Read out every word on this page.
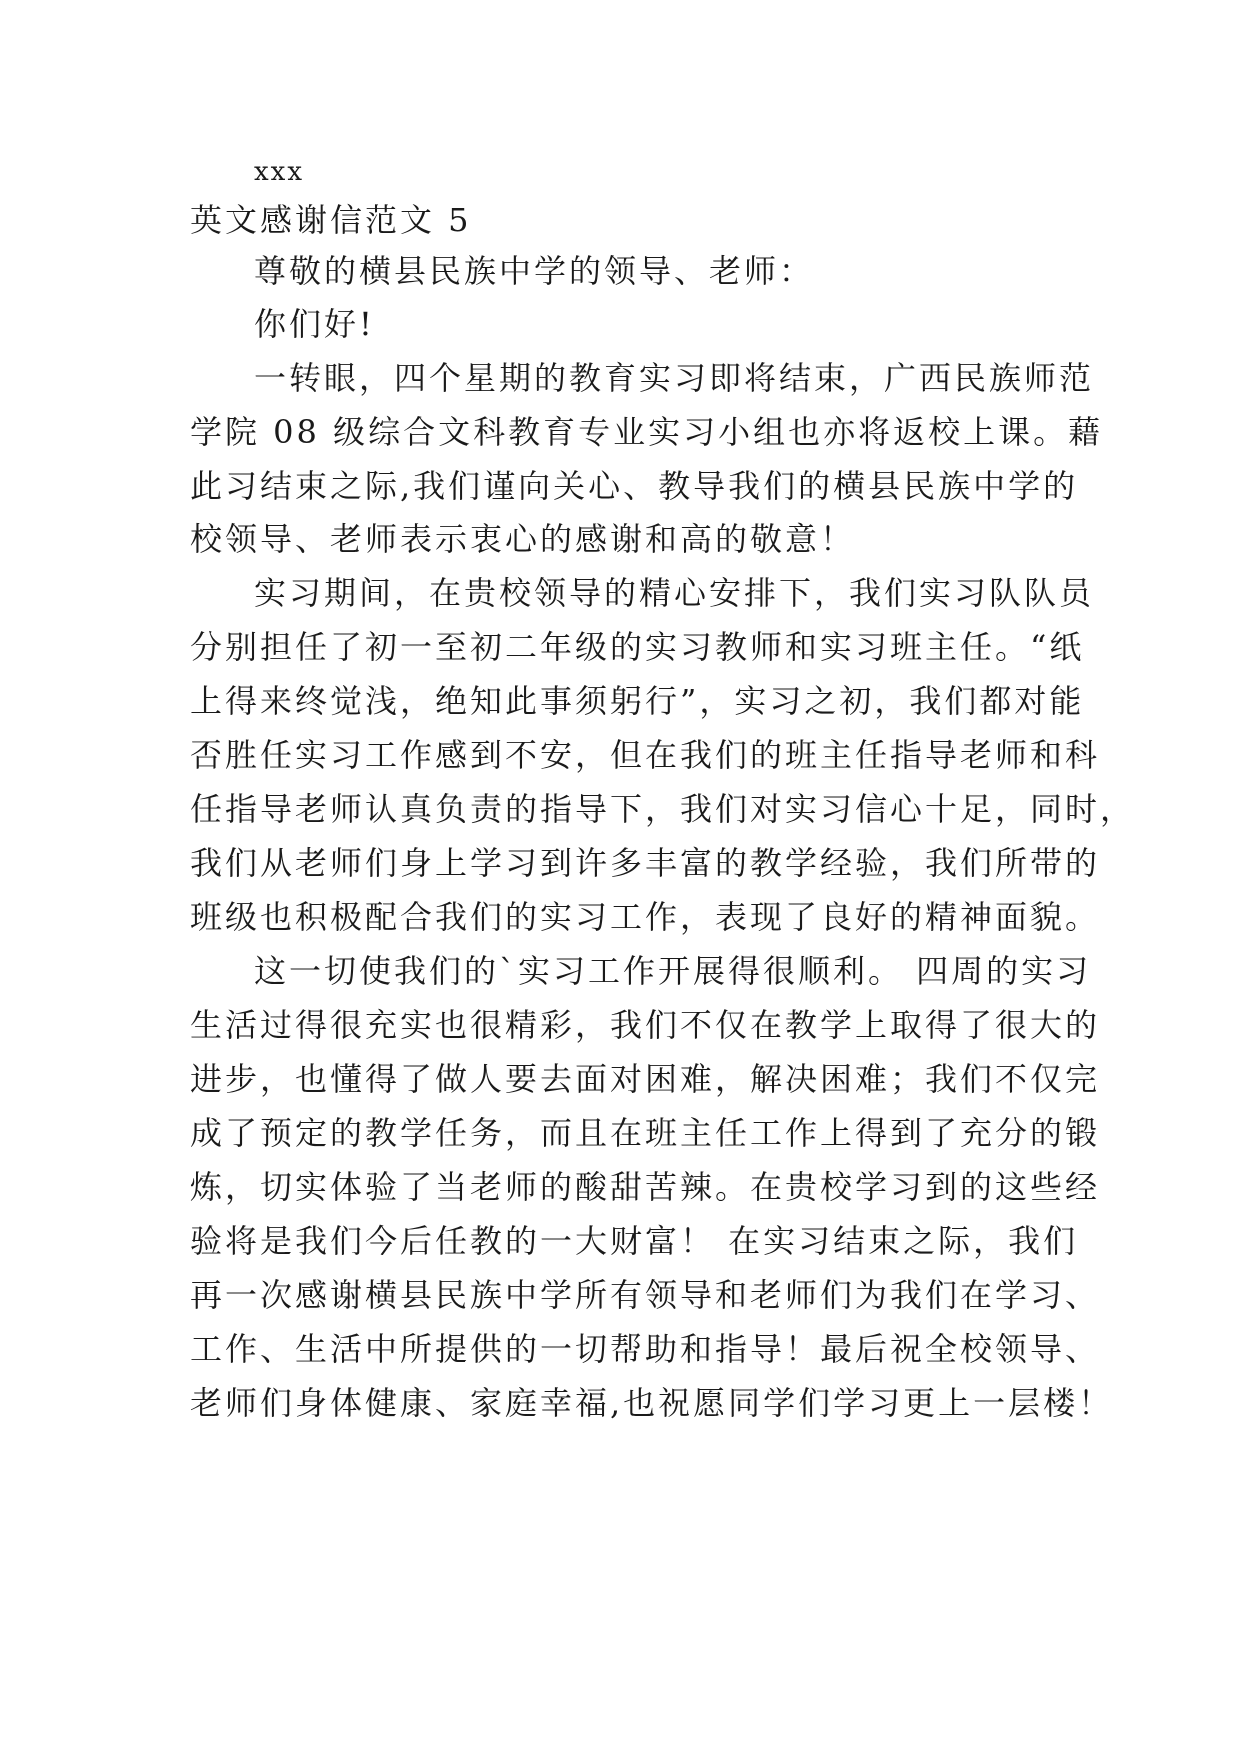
xxx

英文感谢信范文 5

尊敬的横县民族中学的领导、老师：

你们好!

一转眼，四个星期的教育实习即将结束，广西民族师范

学院 08 级综合文科教育专业实习小组也亦将返校上课。藉

此习结束之际,我们谨向关心、教导我们的横县民族中学的

校领导、老师表示衷心的感谢和高的敬意！

实习期间，在贵校领导的精心安排下，我们实习队队员

分别担任了初一至初二年级的实习教师和实习班主任。“纸

上得来终觉浅，绝知此事须躬行”，实习之初，我们都对能

否胜任实习工作感到不安，但在我们的班主任指导老师和科

任指导老师认真负责的指导下，我们对实习信心十足，同时，

我们从老师们身上学习到许多丰富的教学经验，我们所带的

班级也积极配合我们的实习工作，表现了良好的精神面貌。

这一切使我们的`实习工作开展得很顺利。 四周的实习

生活过得很充实也很精彩，我们不仅在教学上取得了很大的

进步，也懂得了做人要去面对困难，解决困难；我们不仅完

成了预定的教学任务，而且在班主任工作上得到了充分的锻

炼，切实体验了当老师的酸甜苦辣。在贵校学习到的这些经

验将是我们今后任教的一大财富！ 在实习结束之际，我们

再一次感谢横县民族中学所有领导和老师们为我们在学习、

工作、生活中所提供的一切帮助和指导！最后祝全校领导、

老师们身体健康、家庭幸福,也祝愿同学们学习更上一层楼！
